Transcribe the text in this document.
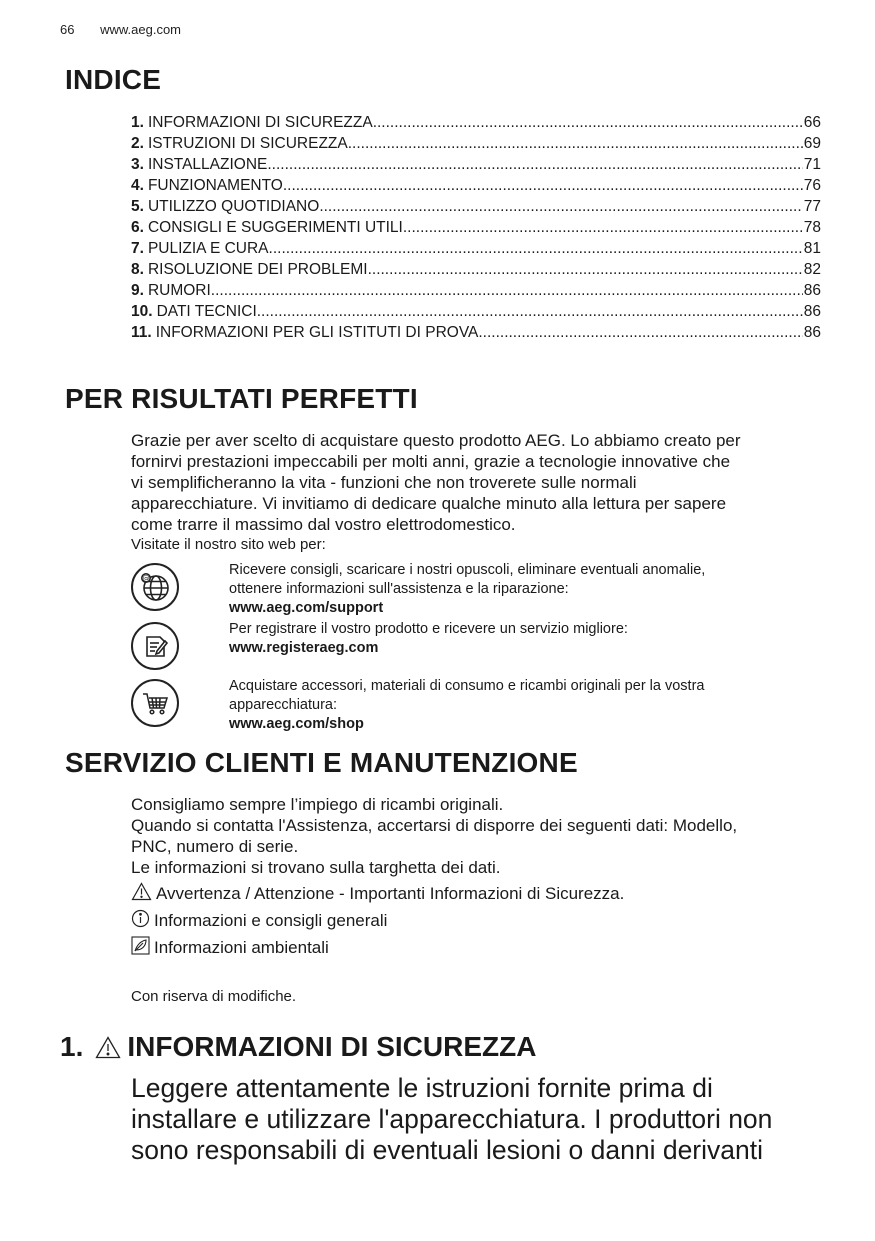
66 www.aeg.com
INDICE
1. INFORMAZIONI DI SICUREZZA .....	66
2. ISTRUZIONI DI SICUREZZA .....	69
3. INSTALLAZIONE .....	71
4. FUNZIONAMENTO .....	76
5. UTILIZZO QUOTIDIANO .....	77
6. CONSIGLI E SUGGERIMENTI UTILI .....	78
7. PULIZIA E CURA .....	81
8. RISOLUZIONE DEI PROBLEMI .....	82
9. RUMORI .....	86
10. DATI TECNICI .....	86
11. INFORMAZIONI PER GLI ISTITUTI DI PROVA .....	86
PER RISULTATI PERFETTI
Grazie per aver scelto di acquistare questo prodotto AEG. Lo abbiamo creato per
fornirvi prestazioni impeccabili per molti anni, grazie a tecnologie innovative che
vi semplificheranno la vita - funzioni che non troverete sulle normali
apparecchiature. Vi invitiamo di dedicare qualche minuto alla lettura per sapere
come trarre il massimo dal vostro elettrodomestico.
Visitate il nostro sito web per:
@
Ricevere consigli, scaricare i nostri opuscoli, eliminare eventuali anomalie,
ottenere informazioni sull'assistenza e la riparazione:
www.aeg.com/support
Per registrare il vostro prodotto e ricevere un servizio migliore:
www.registeraeg.com
Acquistare accessori, materiali di consumo e ricambi originali per la vostra
apparecchiatura:
www.aeg.com/shop
SERVIZIO CLIENTI E MANUTENZIONE
Consigliamo sempre l’impiego di ricambi originali.
Quando si contatta l'Assistenza, accertarsi di disporre dei seguenti dati: Modello,
PNC, numero di serie.
Le informazioni si trovano sulla targhetta dei dati.
Avvertenza / Attenzione - Importanti Informazioni di Sicurezza.
Informazioni e consigli generali
Informazioni ambientali
Con riserva di modifiche.
1. INFORMAZIONI DI SICUREZZA
Leggere attentamente le istruzioni fornite prima di
installare e utilizzare l'apparecchiatura. I produttori non
sono responsabili di eventuali lesioni o danni derivanti
